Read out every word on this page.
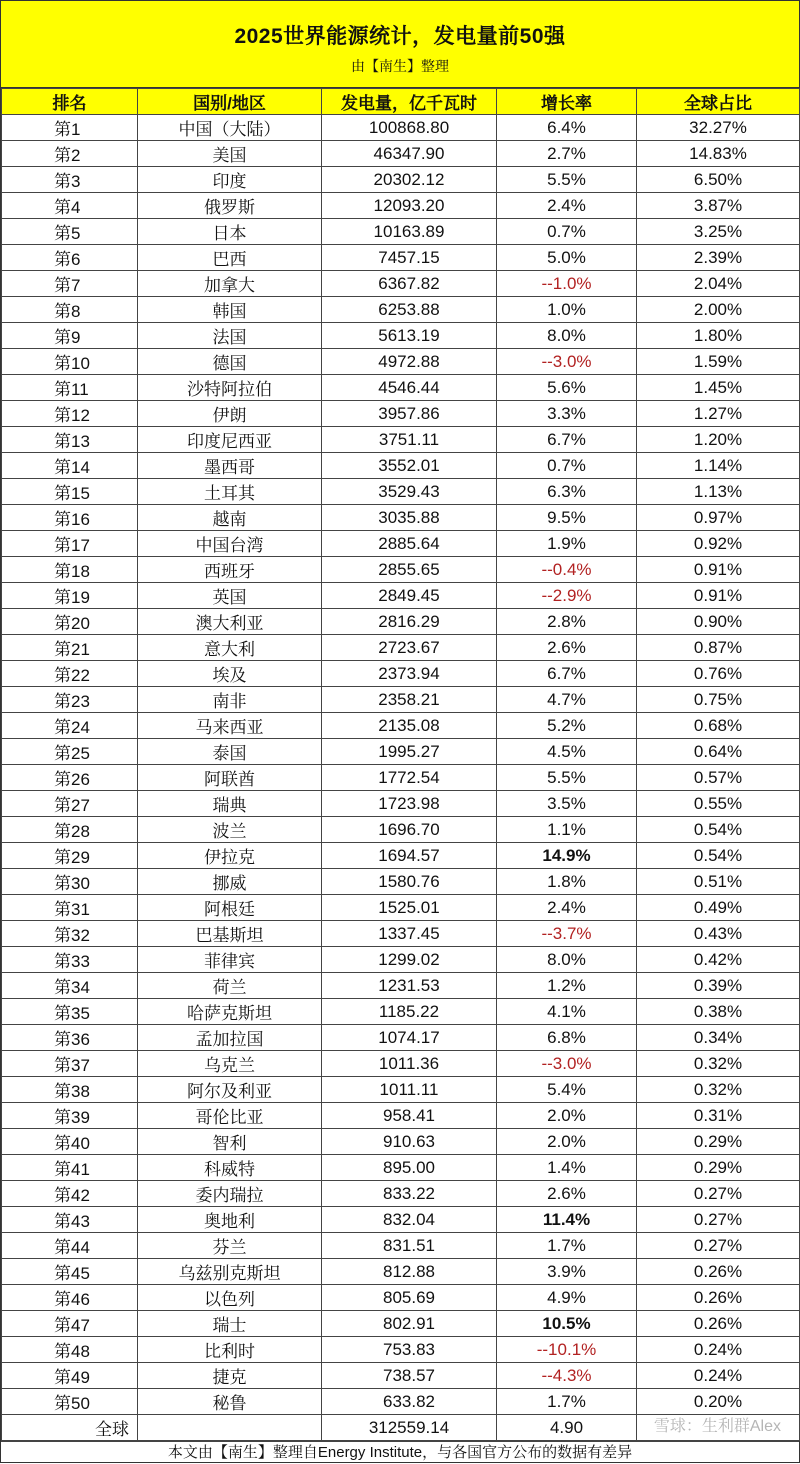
2025世界能源统计，发电量前50强
由【南生】整理
排名	国别/地区	发电量，亿千瓦时	增长率	全球占比
第1	中国（大陆）	100868.80	6.4%	32.27%
第2	美国	46347.90	2.7%	14.83%
第3	印度	20302.12	5.5%	6.50%
第4	俄罗斯	12093.20	2.4%	3.87%
第5	日本	10163.89	0.7%	3.25%
第6	巴西	7457.15	5.0%	2.39%
第7	加拿大	6367.82	--1.0%	2.04%
第8	韩国	6253.88	1.0%	2.00%
第9	法国	5613.19	8.0%	1.80%
第10	德国	4972.88	--3.0%	1.59%
第11	沙特阿拉伯	4546.44	5.6%	1.45%
第12	伊朗	3957.86	3.3%	1.27%
第13	印度尼西亚	3751.11	6.7%	1.20%
第14	墨西哥	3552.01	0.7%	1.14%
第15	土耳其	3529.43	6.3%	1.13%
第16	越南	3035.88	9.5%	0.97%
第17	中国台湾	2885.64	1.9%	0.92%
第18	西班牙	2855.65	--0.4%	0.91%
第19	英国	2849.45	--2.9%	0.91%
第20	澳大利亚	2816.29	2.8%	0.90%
第21	意大利	2723.67	2.6%	0.87%
第22	埃及	2373.94	6.7%	0.76%
第23	南非	2358.21	4.7%	0.75%
第24	马来西亚	2135.08	5.2%	0.68%
第25	泰国	1995.27	4.5%	0.64%
第26	阿联酋	1772.54	5.5%	0.57%
第27	瑞典	1723.98	3.5%	0.55%
第28	波兰	1696.70	1.1%	0.54%
第29	伊拉克	1694.57	14.9%	0.54%
第30	挪威	1580.76	1.8%	0.51%
第31	阿根廷	1525.01	2.4%	0.49%
第32	巴基斯坦	1337.45	--3.7%	0.43%
第33	菲律宾	1299.02	8.0%	0.42%
第34	荷兰	1231.53	1.2%	0.39%
第35	哈萨克斯坦	1185.22	4.1%	0.38%
第36	孟加拉国	1074.17	6.8%	0.34%
第37	乌克兰	1011.36	--3.0%	0.32%
第38	阿尔及利亚	1011.11	5.4%	0.32%
第39	哥伦比亚	958.41	2.0%	0.31%
第40	智利	910.63	2.0%	0.29%
第41	科威特	895.00	1.4%	0.29%
第42	委内瑞拉	833.22	2.6%	0.27%
第43	奥地利	832.04	11.4%	0.27%
第44	芬兰	831.51	1.7%	0.27%
第45	乌兹别克斯坦	812.88	3.9%	0.26%
第46	以色列	805.69	4.9%	0.26%
第47	瑞士	802.91	10.5%	0.26%
第48	比利时	753.83	--10.1%	0.24%
第49	捷克	738.57	--4.3%	0.24%
第50	秘鲁	633.82	1.7%	0.20%
全球		312559.14	4.90	
本文由【南生】整理自Energy Institute，与各国官方公布的数据有差异
雪球：生利群Alex
